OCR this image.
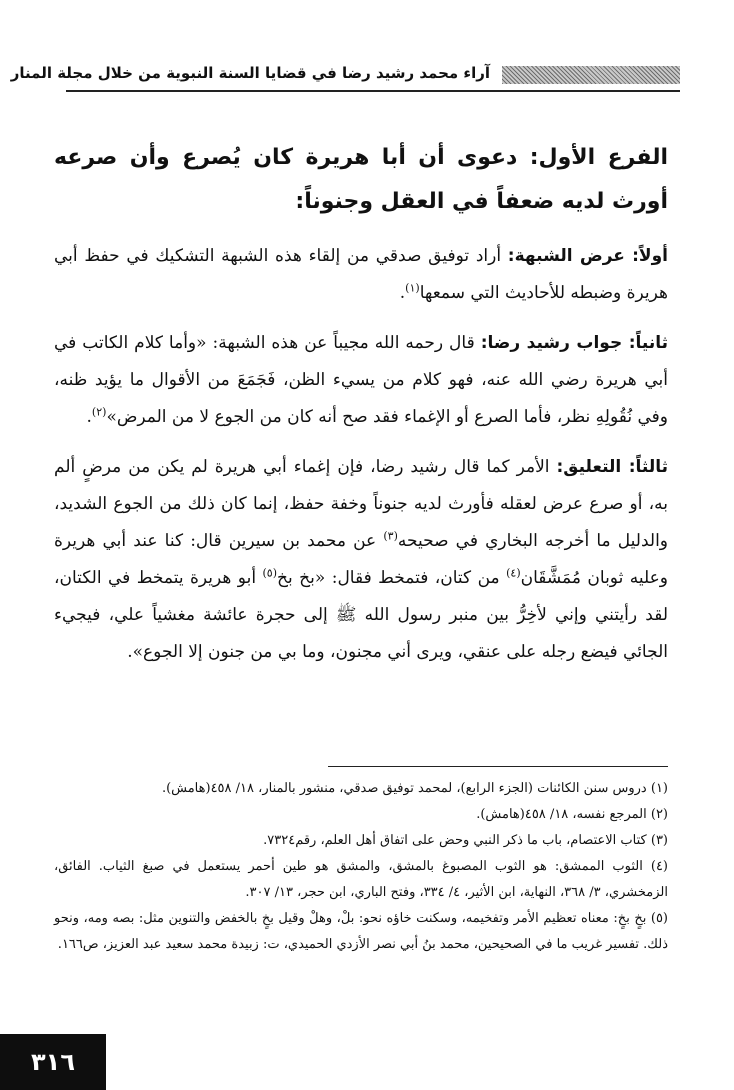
آراء محمد رشيد رضا في قضايا السنة النبوية من خلال مجلة المنار
الفرع الأول: دعوى أن أبا هريرة كان يُصرع وأن صرعه أورث لديه ضعفاً في العقل وجنوناً:

أولاً: عرض الشبهة: أراد توفيق صدقي من إلقاء هذه الشبهة التشكيك في حفظ أبي هريرة وضبطه للأحاديث التي سمعها$^{(١)}$.

ثانياً: جواب رشيد رضا: قال رحمه الله مجيباً عن هذه الشبهة: «وأما كلام الكاتب في أبي هريرة رضي الله عنه، فهو كلام من يسيء الظن، فَجَمَعَ من الأقوال ما يؤيد ظنه، وفي نُقُولِهِ نظر، فأما الصرع أو الإغماء فقد صح أنه كان من الجوع لا من المرض»$^{(٢)}$.

ثالثاً: التعليق: الأمر كما قال رشيد رضا، فإن إغماء أبي هريرة لم يكن من مرضٍ ألم به، أو صرع عرض لعقله فأورث لديه جنوناً وخفة حفظ، إنما كان ذلك من الجوع الشديد، والدليل ما أخرجه البخاري في صحيحه$^{(٣)}$ عن محمد بن سيرين قال: كنا عند أبي هريرة وعليه ثوبان مُمَشَّقَان$^{(٤)}$ من كتان، فتمخط فقال: «بخ بخ$^{(٥)}$ أبو هريرة يتمخط في الكتان، لقد رأيتني وإني لأخِرُّ بين منبر رسول الله ﷺ إلى حجرة عائشة مغشياً علي، فيجيء الجائي فيضع رجله على عنقي، ويرى أني مجنون، وما بي من جنون إلا الجوع».

(١) دروس سنن الكائنات (الجزء الرابع)، لمحمد توفيق صدقي، منشور بالمنار، ١٨/ ٤٥٨(هامش).

(٢) المرجع نفسه، ١٨/ ٤٥٨(هامش).

(٣) كتاب الاعتصام، باب ما ذكر النبي وحض على اتفاق أهل العلم، رقم٧٣٢٤.

(٤) الثوب الممشق: هو الثوب المصبوغ بالمشق، والمشق هو طين أحمر يستعمل في صبغ الثياب. الفائق، الزمخشري، ٣/ ٣٦٨، النهاية، ابن الأثير، ٤/ ٣٣٤، وفتح الباري، ابن حجر، ١٣/ ٣٠٧.

(٥) بخٍ بخٍ: معناه تعظيم الأمر وتفخيمه، وسكنت خاؤه نحو: بلْ، وهلْ وقيل بخٍ بالخفض والتنوين مثل: بصه ومه، ونحو ذلك. تفسير غريب ما في الصحيحين، محمد بنُ أبي نصر الأزدي الحميدي، ت: زبيدة محمد سعيد عبد العزيز، ص١٦٦.

٣١٦
